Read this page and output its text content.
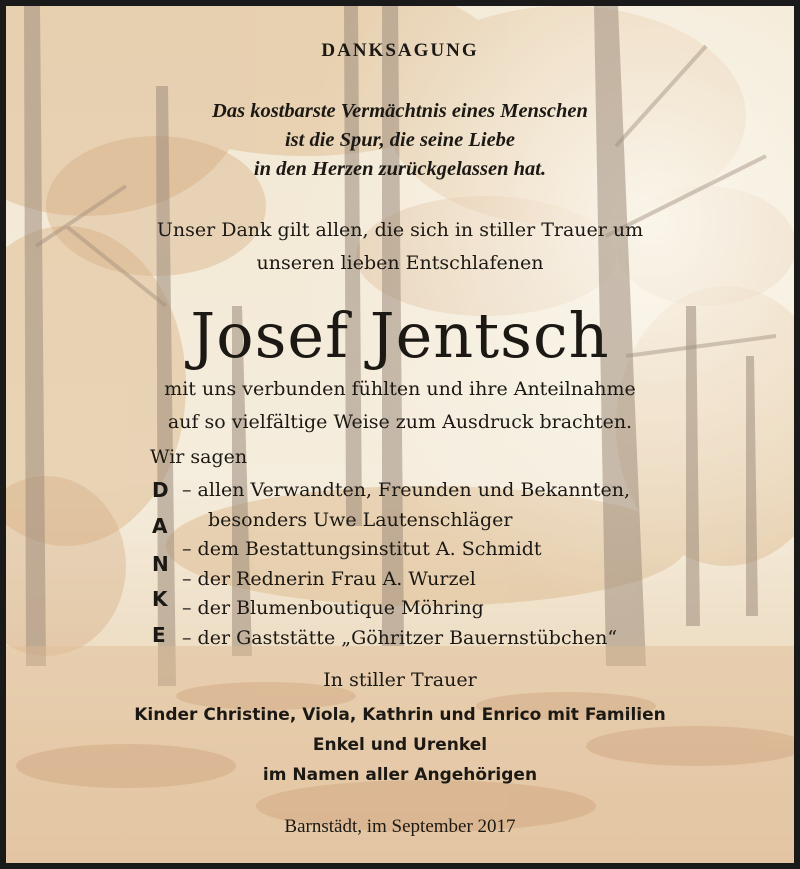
DANKSAGUNG
Das kostbarste Vermächtnis eines Menschen
ist die Spur, die seine Liebe
in den Herzen zurückgelassen hat.
Unser Dank gilt allen, die sich in stiller Trauer um
unseren lieben Entschlafenen
Josef Jentsch
mit uns verbunden fühlten und ihre Anteilnahme
auf so vielfältige Weise zum Ausdruck brachten.
Wir sagen
D
A
N
K
E
– allen Verwandten, Freunden und Bekannten,
besonders Uwe Lautenschläger
– dem Bestattungsinstitut A. Schmidt
– der Rednerin Frau A. Wurzel
– der Blumenboutique Möhring
– der Gaststätte „Göhritzer Bauernstübchen“
In stiller Trauer
Kinder Christine, Viola, Kathrin und Enrico mit Familien
Enkel und Urenkel
im Namen aller Angehörigen
Barnstädt, im September 2017
